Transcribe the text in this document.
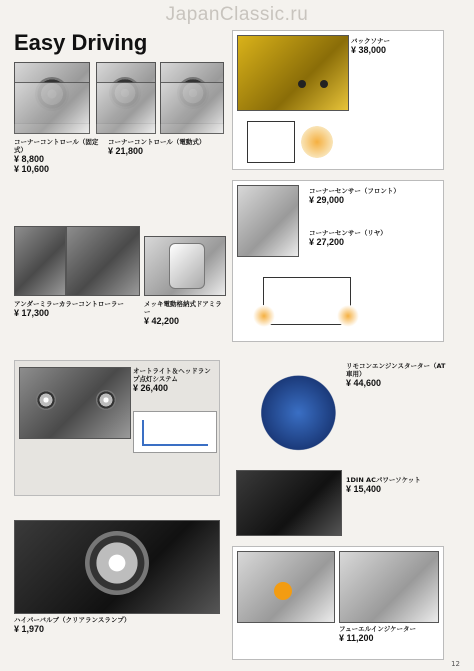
JapanClassic.ru
Easy Driving
コーナーコントロール（固定式）
¥ 8,800
¥ 10,600

コーナーコントロール（電動式）
¥ 21,800
アンダーミラーカラーコントローラー
¥ 17,300
メッキ電動格納式ドアミラー
¥ 42,200
バックソナー
¥ 38,000
コーナーセンサー（フロント）
¥ 29,000
コーナーセンサー（リヤ）
¥ 27,200
オートライト＆ヘッドランプ点灯システム
¥ 26,400
リモコンエンジンスターター（AT車用）
¥ 44,600
1DIN ACパワーソケット
¥ 15,400
ハイパーバルブ（クリアランスランプ）
¥ 1,970	フューエルインジケーター
¥ 11,200
12
